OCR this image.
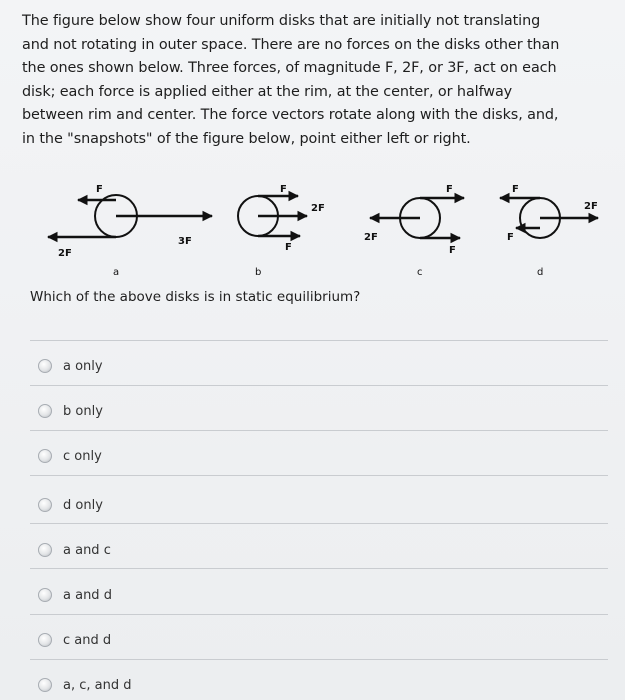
The figure below show four uniform disks that are initially not translating
and not rotating in outer space. There are no forces on the disks other than
the ones shown below. Three forces, of magnitude F, 2F, or 3F, act on each
disk; each force is applied either at the rim, at the center, or halfway
between rim and center. The force vectors rotate along with the disks, and,
in the "snapshots" of the figure below, point either left or right.

F
3F
2F
a
F
2F
F
b
F
2F
F
c
F
2F
F
d

Which of the above disks is in static equilibrium?

a only
b only
c only
d only
a and c
a and d
c and d
a, c, and d
